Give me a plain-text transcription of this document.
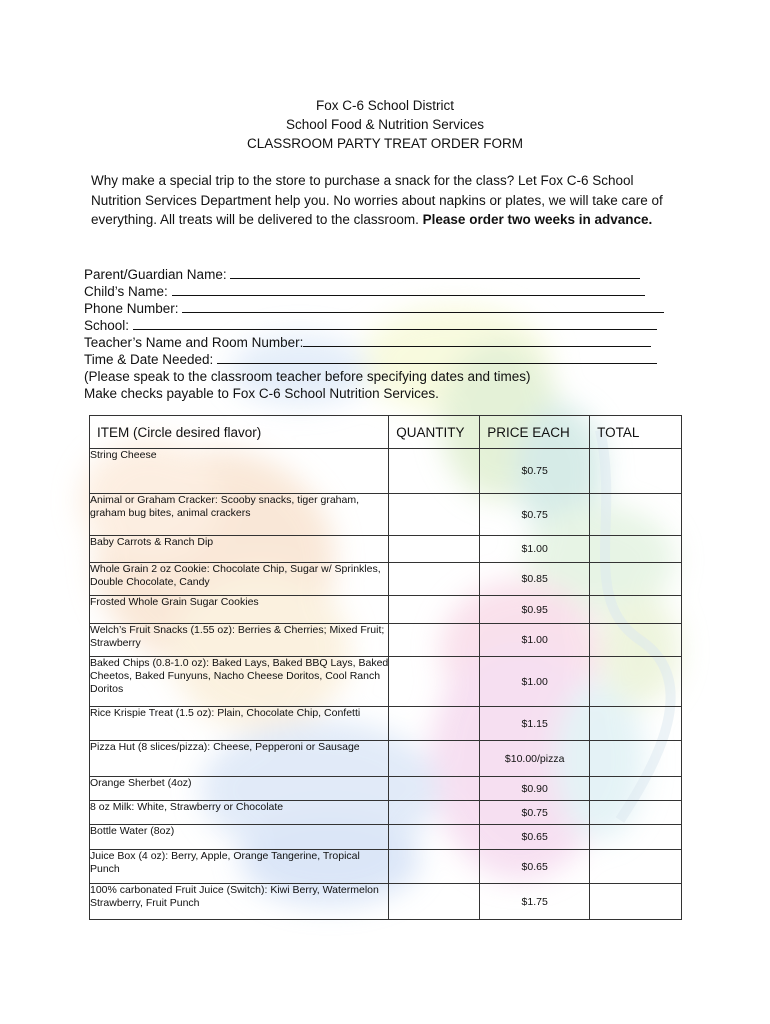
Fox C-6 School District
School Food & Nutrition Services
CLASSROOM PARTY TREAT ORDER FORM
Why make a special trip to the store to purchase a snack for the class? Let Fox C-6 School Nutrition Services Department help you. No worries about napkins or plates, we will take care of everything. All treats will be delivered to the classroom. Please order two weeks in advance.
Parent/Guardian Name:
Child’s Name:
Phone Number:
School:
Teacher’s Name and Room Number:
Time & Date Needed:
(Please speak to the classroom teacher before specifying dates and times)
Make checks payable to Fox C-6 School Nutrition Services.
ITEM (Circle desired flavor)	QUANTITY	PRICE EACH	TOTAL
String Cheese		$0.75	
Animal or Graham Cracker: Scooby snacks, tiger graham, graham bug bites, animal crackers		$0.75	
Baby Carrots & Ranch Dip		$1.00	
Whole Grain 2 oz Cookie: Chocolate Chip, Sugar w/ Sprinkles, Double Chocolate, Candy		$0.85	
Frosted Whole Grain Sugar Cookies		$0.95	
Welch’s Fruit Snacks (1.55 oz): Berries & Cherries; Mixed Fruit; Strawberry		$1.00	
Baked Chips (0.8-1.0 oz): Baked Lays, Baked BBQ Lays, Baked Cheetos, Baked Funyuns, Nacho Cheese Doritos, Cool Ranch Doritos		$1.00	
Rice Krispie Treat (1.5 oz): Plain, Chocolate Chip, Confetti		$1.15	
Pizza Hut (8 slices/pizza): Cheese, Pepperoni or Sausage		$10.00/pizza	
Orange Sherbet (4oz)		$0.90	
8 oz Milk: White, Strawberry or Chocolate		$0.75	
Bottle Water (8oz)		$0.65	
Juice Box (4 oz): Berry, Apple, Orange Tangerine, Tropical Punch		$0.65	
100% carbonated Fruit Juice (Switch): Kiwi Berry, Watermelon Strawberry, Fruit Punch		$1.75	
